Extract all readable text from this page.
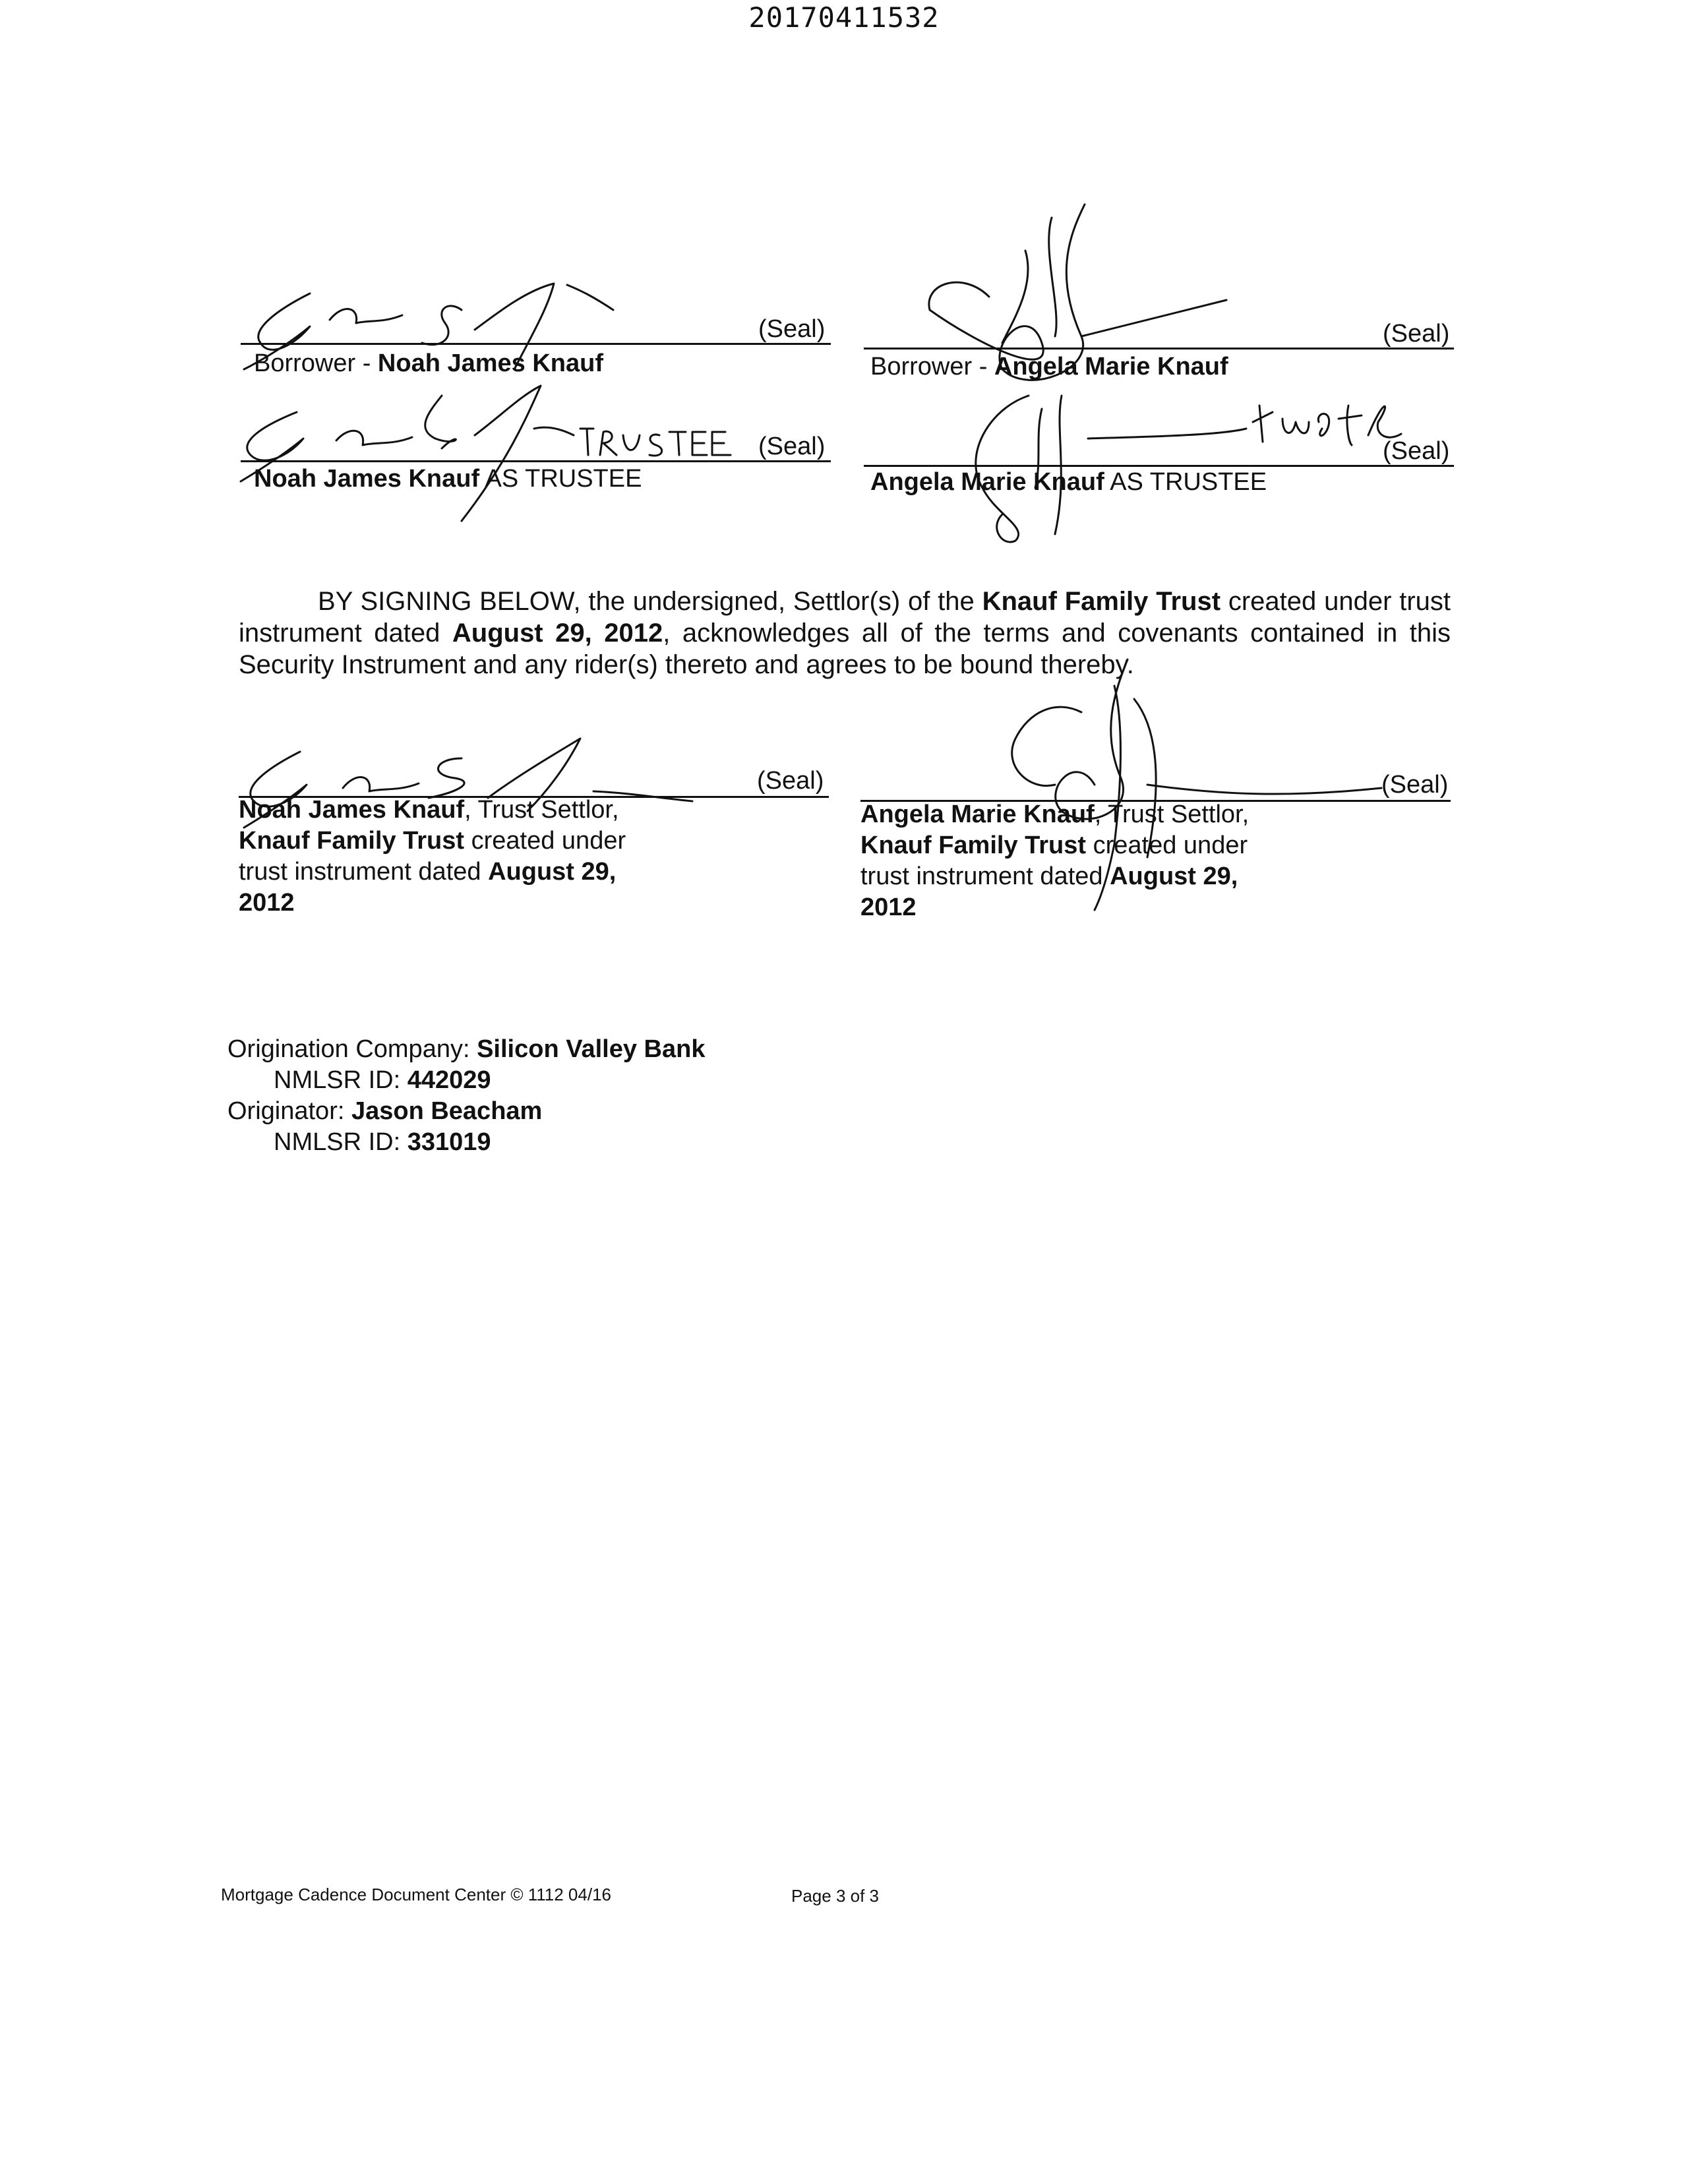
20170411532
(Seal)
Borrower - Noah James Knauf
(Seal)
Borrower - Angela Marie Knauf
(Seal)
Noah James Knauf AS TRUSTEE
(Seal)
Angela Marie Knauf AS TRUSTEE
BY SIGNING BELOW, the undersigned, Settlor(s) of the Knauf Family Trust created under trust instrument dated August 29, 2012, acknowledges all of the terms and covenants contained in this Security Instrument and any rider(s) thereto and agrees to be bound thereby.
(Seal)
Noah James Knauf, Trust Settlor,
Knauf Family Trust created under
trust instrument dated August 29,
2012
(Seal)
Angela Marie Knauf, Trust Settlor,
Knauf Family Trust created under
trust instrument dated August 29,
2012
Origination Company: Silicon Valley Bank
NMLSR ID: 442029
Originator: Jason Beacham
NMLSR ID: 331019
Mortgage Cadence Document Center © 1112 04/16	Page 3 of 3
